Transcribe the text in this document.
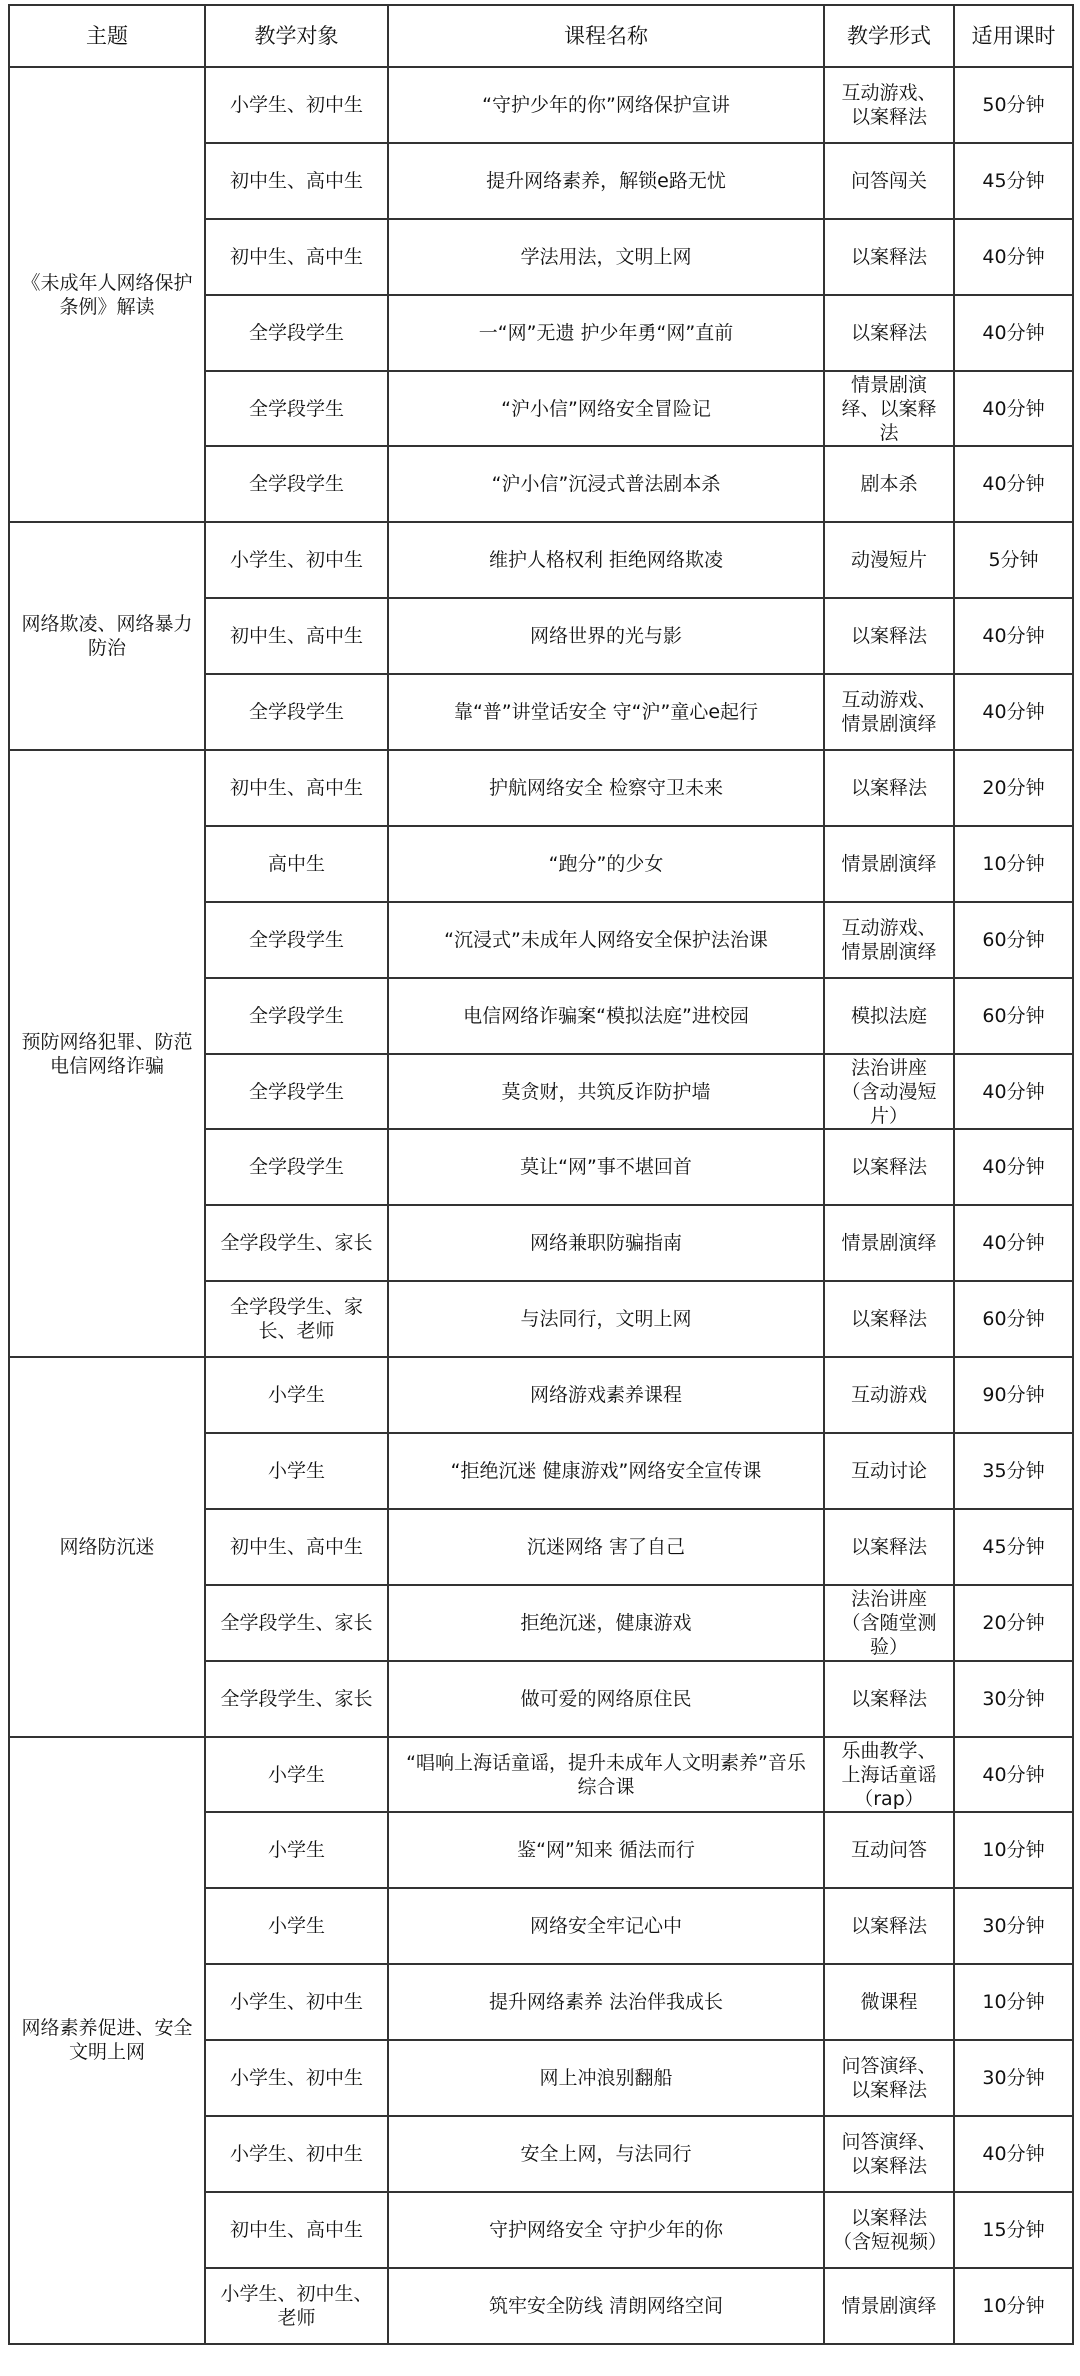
主题	教学对象	课程名称	教学形式	适用课时
《未成年人网络保护条例》解读	小学生、初中生	“守护少年的你”网络保护宣讲	互动游戏、以案释法	50分钟
	初中生、高中生	提升网络素养，解锁e路无忧	问答闯关	45分钟
	初中生、高中生	学法用法，文明上网	以案释法	40分钟
	全学段学生	一“网”无遗 护少年勇“网”直前	以案释法	40分钟
	全学段学生	“沪小信”网络安全冒险记	情景剧演绎、以案释法	40分钟
	全学段学生	“沪小信”沉浸式普法剧本杀	剧本杀	40分钟
网络欺凌、网络暴力防治	小学生、初中生	维护人格权利 拒绝网络欺凌	动漫短片	5分钟
	初中生、高中生	网络世界的光与影	以案释法	40分钟
	全学段学生	靠“普”讲堂话安全 守“沪”童心e起行	互动游戏、情景剧演绎	40分钟
预防网络犯罪、防范电信网络诈骗	初中生、高中生	护航网络安全 检察守卫未来	以案释法	20分钟
	高中生	“跑分”的少女	情景剧演绎	10分钟
	全学段学生	“沉浸式”未成年人网络安全保护法治课	互动游戏、情景剧演绎	60分钟
	全学段学生	电信网络诈骗案“模拟法庭”进校园	模拟法庭	60分钟
	全学段学生	莫贪财，共筑反诈防护墙	法治讲座（含动漫短片）	40分钟
	全学段学生	莫让“网”事不堪回首	以案释法	40分钟
	全学段学生、家长	网络兼职防骗指南	情景剧演绎	40分钟
	全学段学生、家长、老师	与法同行，文明上网	以案释法	60分钟
网络防沉迷	小学生	网络游戏素养课程	互动游戏	90分钟
	小学生	“拒绝沉迷 健康游戏”网络安全宣传课	互动讨论	35分钟
	初中生、高中生	沉迷网络 害了自己	以案释法	45分钟
	全学段学生、家长	拒绝沉迷，健康游戏	法治讲座（含随堂测验）	20分钟
	全学段学生、家长	做可爱的网络原住民	以案释法	30分钟
网络素养促进、安全文明上网	小学生	“唱响上海话童谣，提升未成年人文明素养”音乐综合课	乐曲教学、上海话童谣（rap）	40分钟
	小学生	鉴“网”知来 循法而行	互动问答	10分钟
	小学生	网络安全牢记心中	以案释法	30分钟
	小学生、初中生	提升网络素养 法治伴我成长	微课程	10分钟
	小学生、初中生	网上冲浪别翻船	问答演绎、以案释法	30分钟
	小学生、初中生	安全上网，与法同行	问答演绎、以案释法	40分钟
	初中生、高中生	守护网络安全 守护少年的你	以案释法（含短视频）	15分钟
	小学生、初中生、老师	筑牢安全防线 清朗网络空间	情景剧演绎	10分钟
